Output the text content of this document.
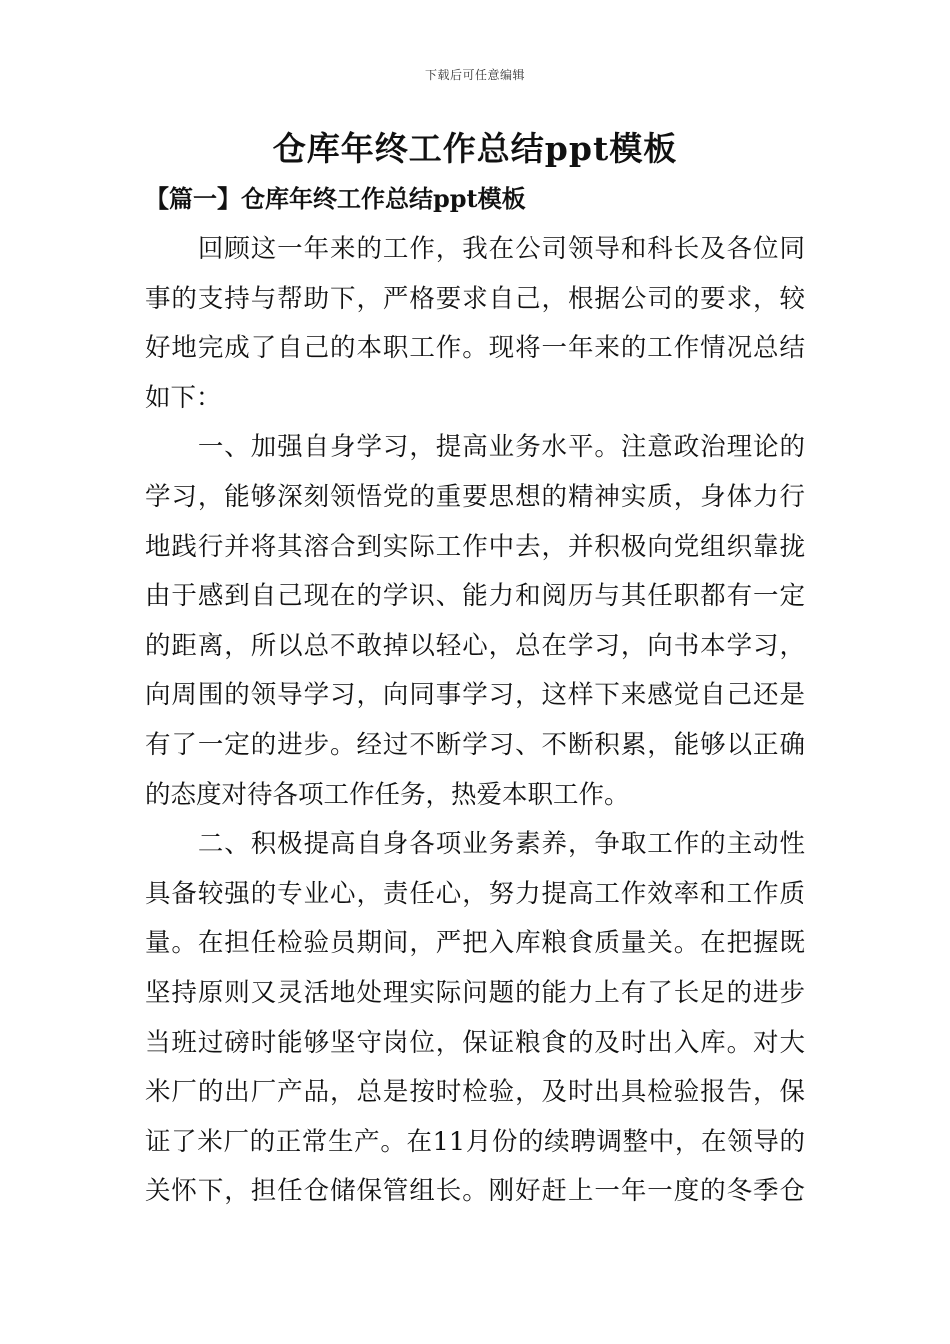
下载后可任意编辑
仓库年终工作总结ppt模板
【篇一】仓库年终工作总结ppt模板
　　回顾这一年来的工作，我在公司领导和科长及各位同
事的支持与帮助下，严格要求自己，根据公司的要求，较
好地完成了自己的本职工作。现将一年来的工作情况总结
如下：
　　一、加强自身学习，提高业务水平。注意政治理论的
学习，能够深刻领悟党的重要思想的精神实质，身体力行
地践行并将其溶合到实际工作中去，并积极向党组织靠拢
由于感到自己现在的学识、能力和阅历与其任职都有一定
的距离，所以总不敢掉以轻心，总在学习，向书本学习，
向周围的领导学习，向同事学习，这样下来感觉自己还是
有了一定的进步。经过不断学习、不断积累，能够以正确
的态度对待各项工作任务，热爱本职工作。
　　二、积极提高自身各项业务素养，争取工作的主动性
具备较强的专业心，责任心，努力提高工作效率和工作质
量。在担任检验员期间，严把入库粮食质量关。在把握既
坚持原则又灵活地处理实际问题的能力上有了长足的进步
当班过磅时能够坚守岗位，保证粮食的及时出入库。对大
米厂的出厂产品，总是按时检验，及时出具检验报告，保
证了米厂的正常生产。在11月份的续聘调整中，在领导的
关怀下，担任仓储保管组长。刚好赶上一年一度的冬季仓
